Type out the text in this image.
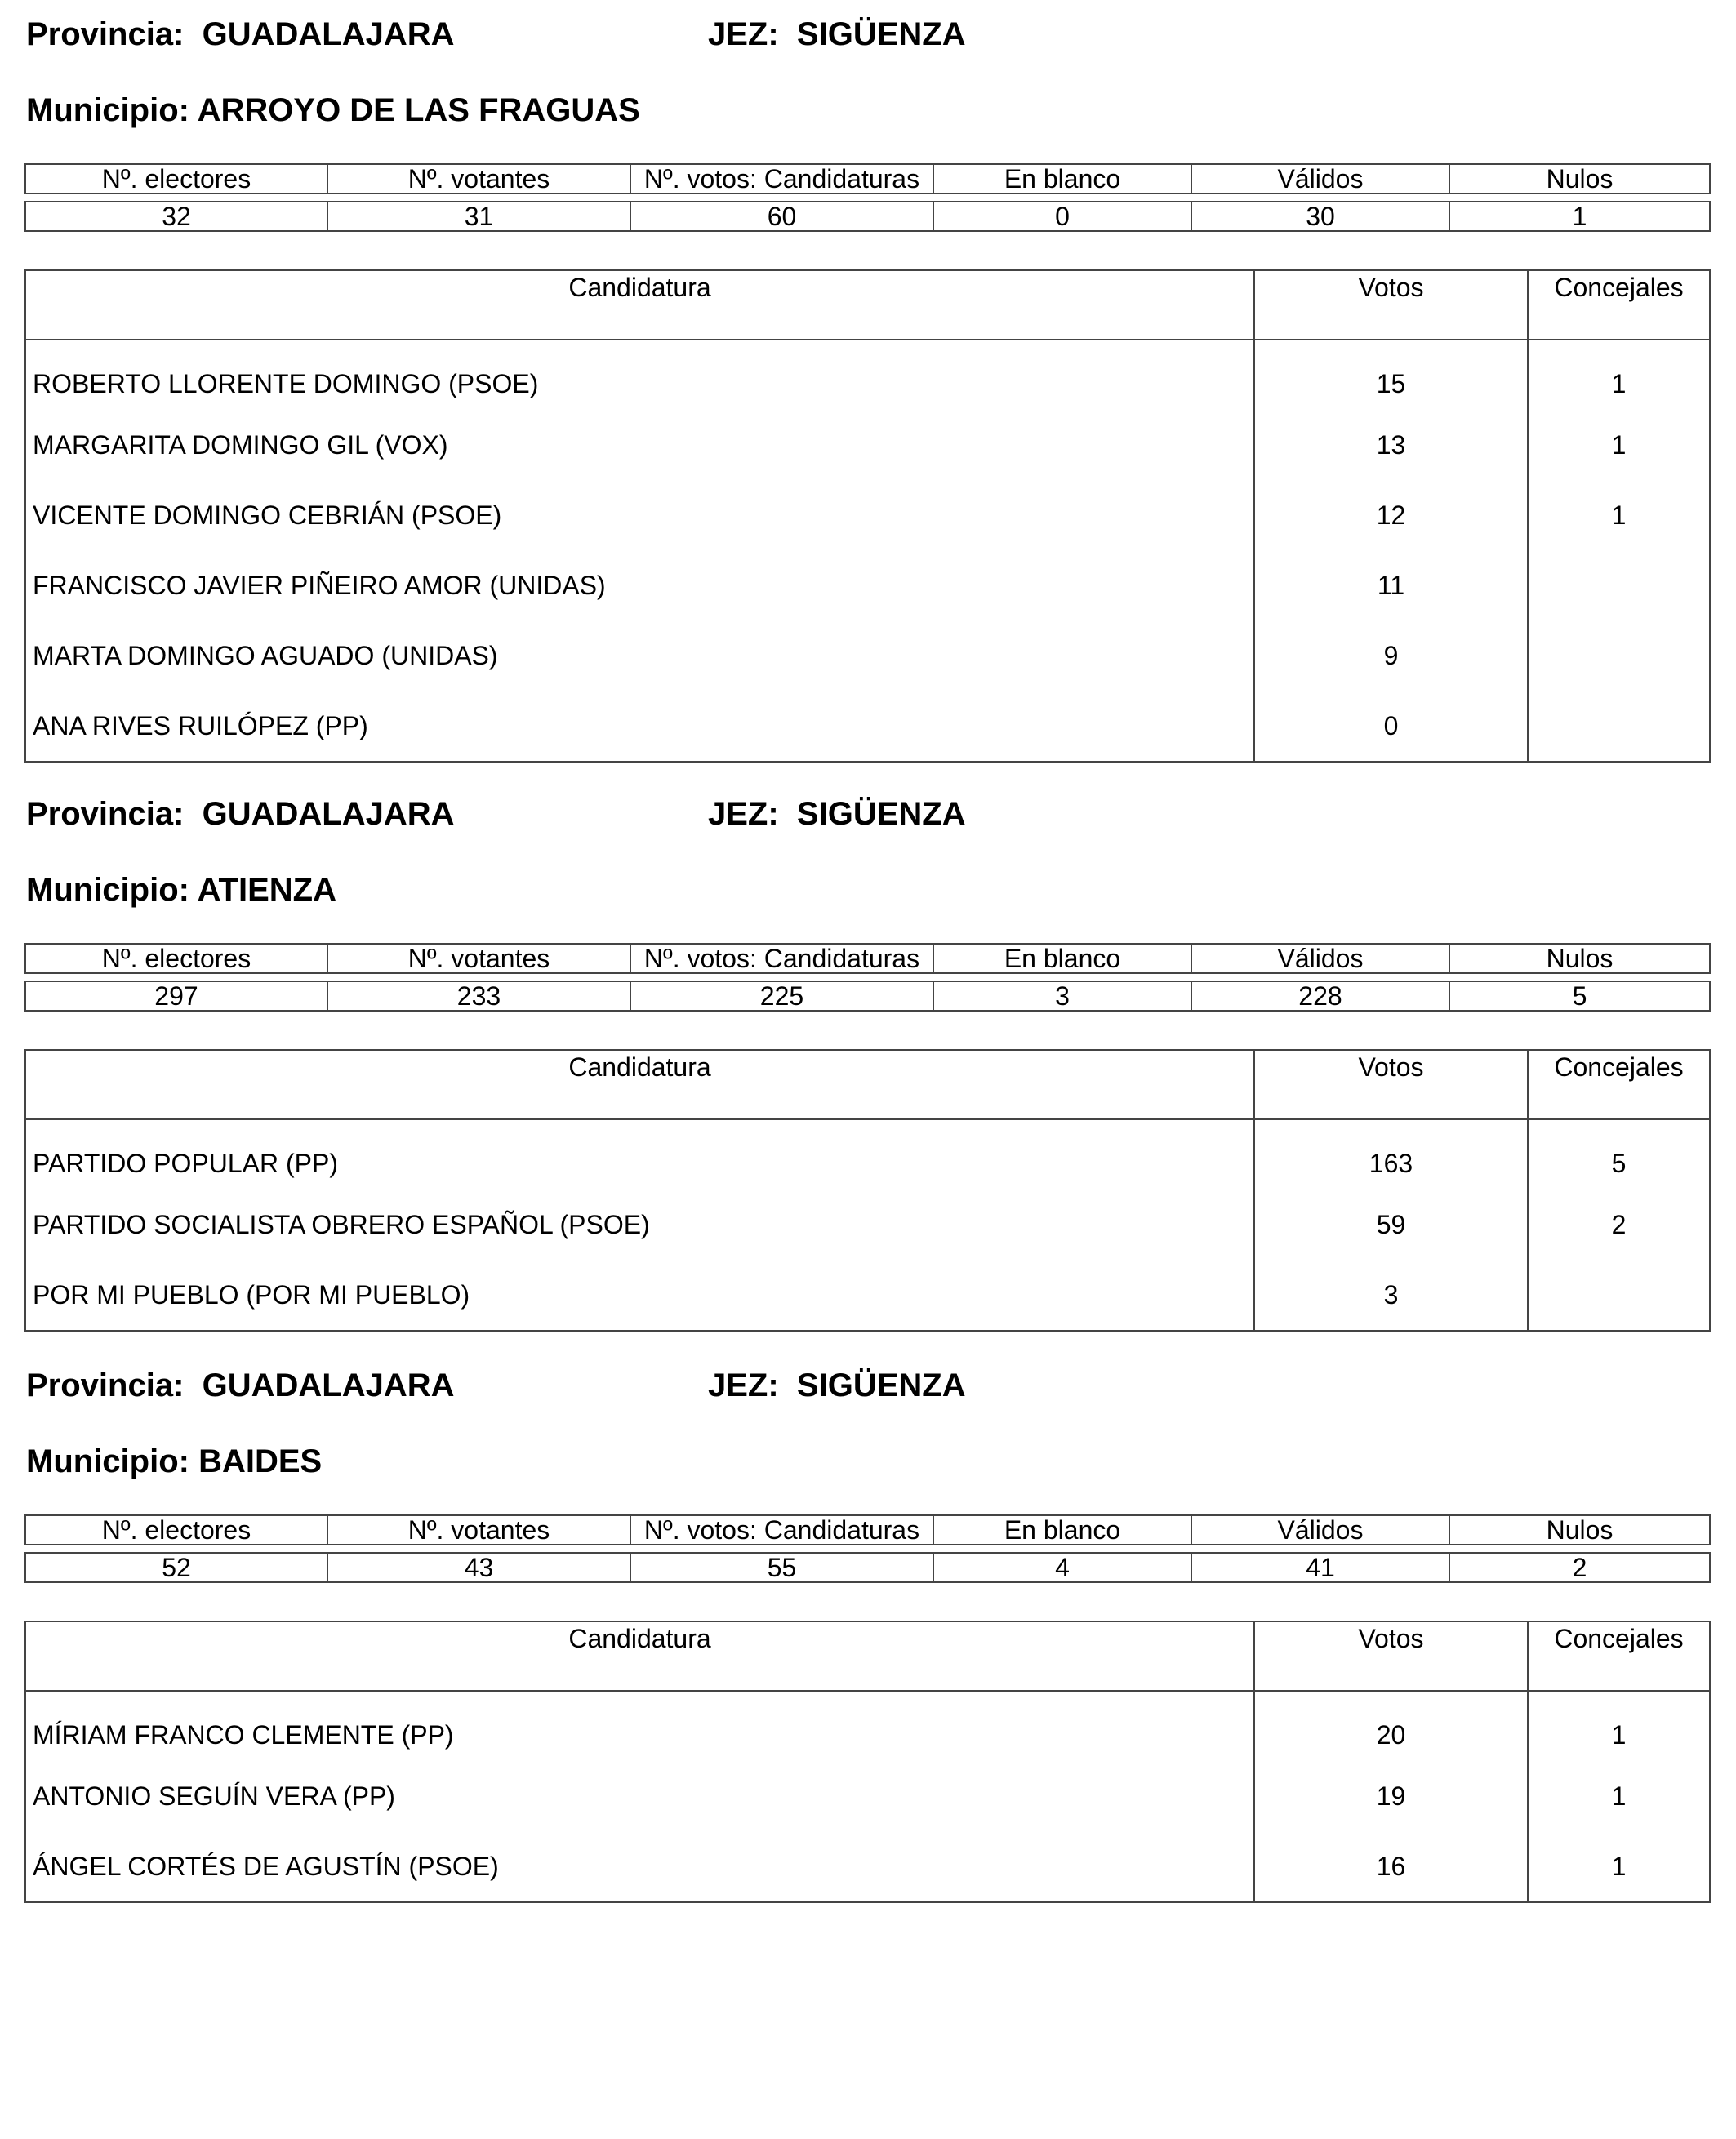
Provincia: GUADALAJARA	JEZ: SIGÜENZA
Municipio: ARROYO DE LAS FRAGUAS
Nº. electores	Nº. votantes	Nº. votos: Candidaturas	En blanco	Válidos	Nulos

32	31	60	0	30	1
Candidatura	Votos	Concejales
ROBERTO LLORENTE DOMINGO (PSOE)	15	1
MARGARITA DOMINGO GIL (VOX)	13	1
VICENTE DOMINGO CEBRIÁN (PSOE)	12	1
FRANCISCO JAVIER PIÑEIRO AMOR (UNIDAS)	11	
MARTA DOMINGO AGUADO (UNIDAS)	9	
ANA RIVES RUILÓPEZ (PP)	0	
Provincia: GUADALAJARA	JEZ: SIGÜENZA
Municipio: ATIENZA
Nº. electores	Nº. votantes	Nº. votos: Candidaturas	En blanco	Válidos	Nulos

297	233	225	3	228	5
Candidatura	Votos	Concejales
PARTIDO POPULAR (PP)	163	5
PARTIDO SOCIALISTA OBRERO ESPAÑOL (PSOE)	59	2
POR MI PUEBLO (POR MI PUEBLO)	3	
Provincia: GUADALAJARA	JEZ: SIGÜENZA
Municipio: BAIDES
Nº. electores	Nº. votantes	Nº. votos: Candidaturas	En blanco	Válidos	Nulos

52	43	55	4	41	2
Candidatura	Votos	Concejales
MÍRIAM FRANCO CLEMENTE (PP)	20	1
ANTONIO SEGUÍN VERA (PP)	19	1
ÁNGEL CORTÉS DE AGUSTÍN (PSOE)	16	1
